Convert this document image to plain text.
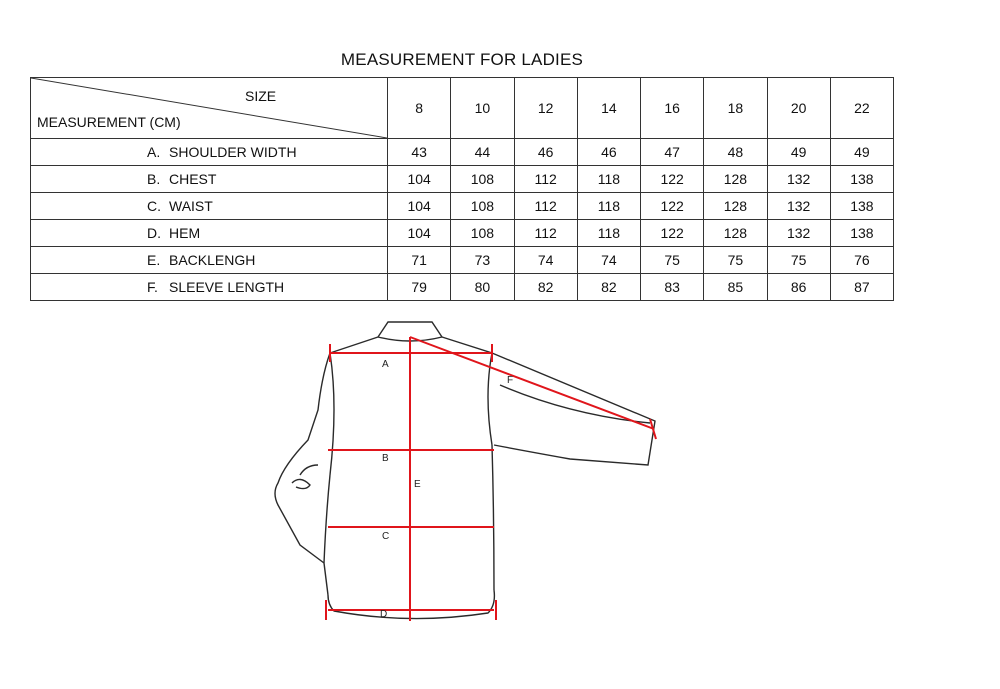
MEASUREMENT FOR LADIES
SIZE
MEASUREMENT (CM)	8	10	12	14	16	18	20	22
A. SHOULDER WIDTH	43	44	46	46	47	48	49	49
B. CHEST	104	108	112	118	122	128	132	138
C. WAIST	104	108	112	118	122	128	132	138
D. HEM	104	108	112	118	122	128	132	138
E. BACKLENGH	71	73	74	74	75	75	75	76
F. SLEEVE LENGTH	79	80	82	82	83	85	86	87
A
B
C
D
E
F
